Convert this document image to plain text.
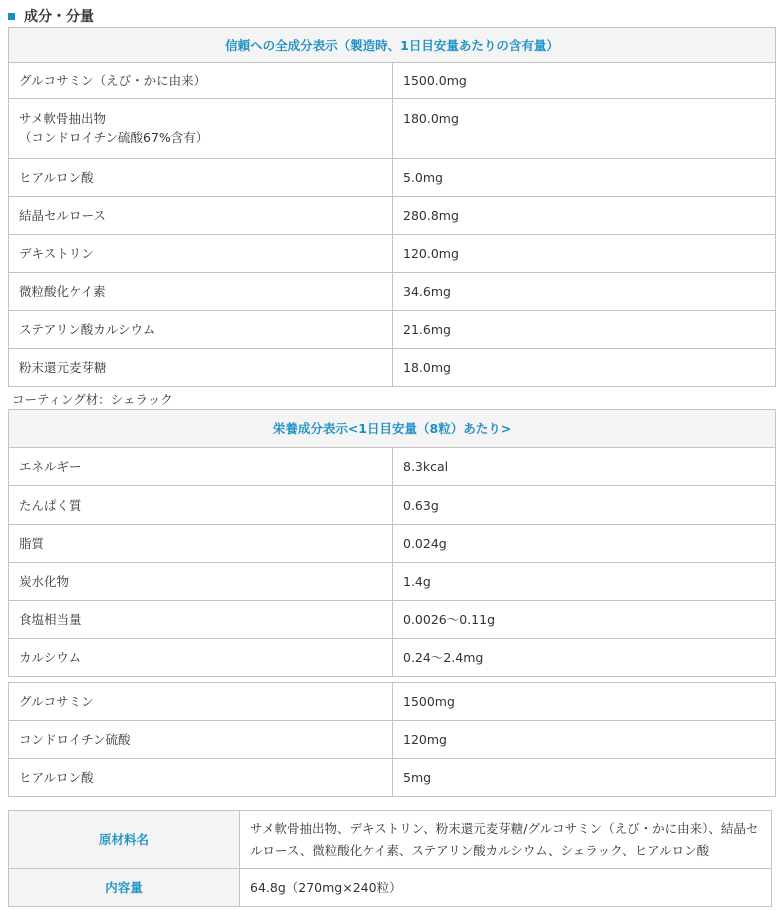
成分・分量
信頼への全成分表示（製造時、1日目安量あたりの含有量）	
グルコサミン（えび・かに由来）	1500.0mg
サメ軟骨抽出物
（コンドロイチン硫酸67%含有）	180.0mg
ヒアルロン酸	5.0mg
結晶セルロース	280.8mg
デキストリン	120.0mg
微粒酸化ケイ素	34.6mg
ステアリン酸カルシウム	21.6mg
粉末還元麦芽糖	18.0mg
コーティング材：シェラック
栄養成分表示<1日目安量（8粒）あたり>	
エネルギー	8.3kcal
たんぱく質	0.63g
脂質	0.024g
炭水化物	1.4g
食塩相当量	0.0026～0.11g
カルシウム	0.24～2.4mg
グルコサミン	1500mg
コンドロイチン硫酸	120mg
ヒアルロン酸	5mg
原材料名	サメ軟骨抽出物、デキストリン、粉末還元麦芽糖/グルコサミン（えび・かに由来）、結晶セルロース、微粒酸化ケイ素、ステアリン酸カルシウム、シェラック、ヒアルロン酸
内容量	64.8g（270mg×240粒）
